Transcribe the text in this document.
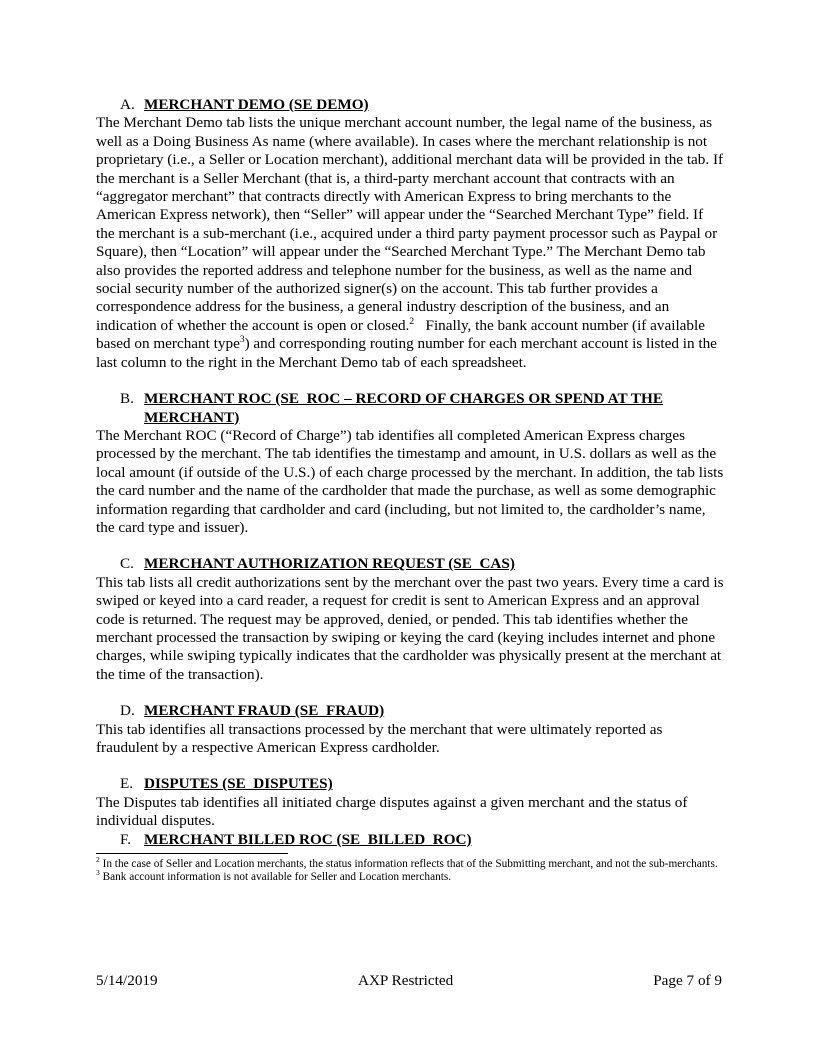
A. MERCHANT DEMO (SE DEMO)

The Merchant Demo tab lists the unique merchant account number, the legal name of the business, as well as a Doing Business As name (where available). In cases where the merchant relationship is not proprietary (i.e., a Seller or Location merchant), additional merchant data will be provided in the tab. If the merchant is a Seller Merchant (that is, a third-party merchant account that contracts with an “aggregator merchant” that contracts directly with American Express to bring merchants to the American Express network), then “Seller” will appear under the “Searched Merchant Type” field. If the merchant is a sub-merchant (i.e., acquired under a third party payment processor such as Paypal or Square), then “Location” will appear under the “Searched Merchant Type.” The Merchant Demo tab also provides the reported address and telephone number for the business, as well as the name and social security number of the authorized signer(s) on the account. This tab further provides a correspondence address for the business, a general industry description of the business, and an indication of whether the account is open or closed.$^2$   Finally, the bank account number (if available based on merchant type$^3$) and corresponding routing number for each merchant account is listed in the last column to the right in the Merchant Demo tab of each spreadsheet.

B. MERCHANT ROC (SE_ROC – RECORD OF CHARGES OR SPEND AT THE MERCHANT)

The Merchant ROC (“Record of Charge”) tab identifies all completed American Express charges processed by the merchant. The tab identifies the timestamp and amount, in U.S. dollars as well as the local amount (if outside of the U.S.) of each charge processed by the merchant. In addition, the tab lists the card number and the name of the cardholder that made the purchase, as well as some demographic information regarding that cardholder and card (including, but not limited to, the cardholder’s name, the card type and issuer).

C. MERCHANT AUTHORIZATION REQUEST (SE_CAS)

This tab lists all credit authorizations sent by the merchant over the past two years. Every time a card is swiped or keyed into a card reader, a request for credit is sent to American Express and an approval code is returned. The request may be approved, denied, or pended. This tab identifies whether the merchant processed the transaction by swiping or keying the card (keying includes internet and phone charges, while swiping typically indicates that the cardholder was physically present at the merchant at the time of the transaction).

D. MERCHANT FRAUD (SE_FRAUD)

This tab identifies all transactions processed by the merchant that were ultimately reported as fraudulent by a respective American Express cardholder.

E. DISPUTES (SE_DISPUTES)

The Disputes tab identifies all initiated charge disputes against a given merchant and the status of individual disputes.

F. MERCHANT BILLED ROC (SE_BILLED_ROC)

$^2$ In the case of Seller and Location merchants, the status information reflects that of the Submitting merchant, and not the sub-merchants.

$^3$ Bank account information is not available for Seller and Location merchants.

5/14/2019	AXP Restricted	Page 7 of 9
